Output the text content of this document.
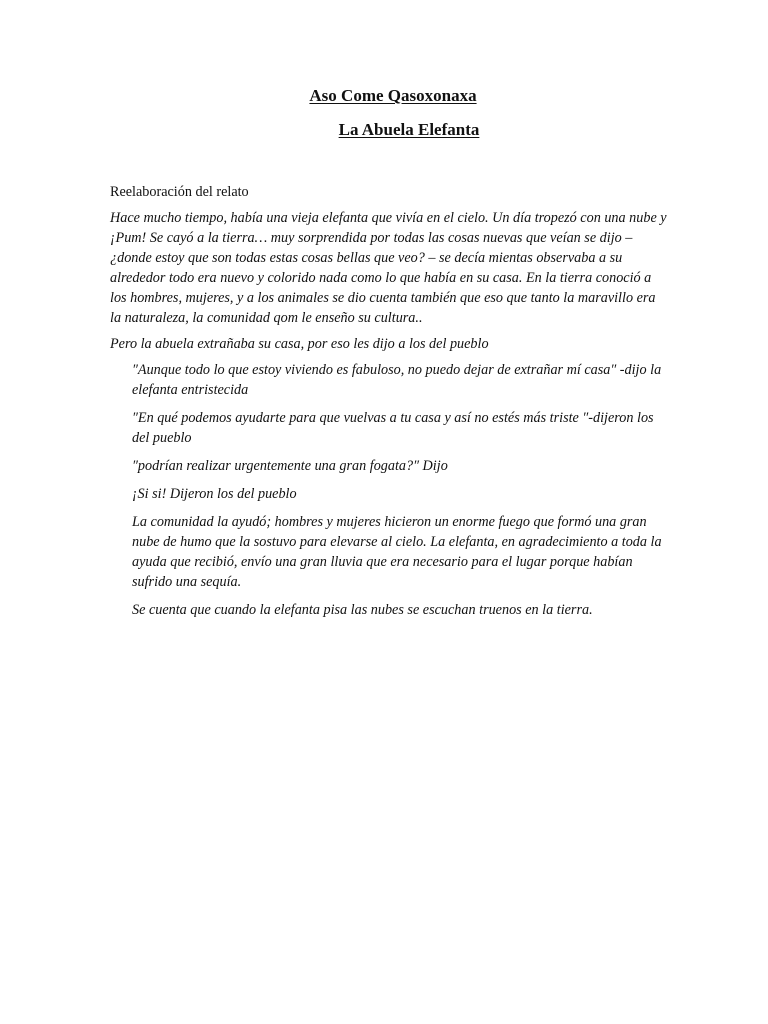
Aso Come Qasoxonaxa
La Abuela Elefanta

Reelaboración del relato

Hace mucho tiempo, había una vieja elefanta que vivía en el cielo. Un día tropezó con una nube y ¡Pum! Se cayó a la tierra… muy sorprendida por todas las cosas nuevas que veían se dijo –¿donde estoy que son todas estas cosas bellas que veo? – se decía mientas observaba a su alrededor todo era nuevo y colorido nada como lo que había en su casa. En la tierra conoció a los hombres, mujeres, y a los animales se dio cuenta también que eso que tanto la maravillo era la naturaleza, la comunidad qom le enseño su cultura..

Pero la abuela extrañaba su casa, por eso les dijo a los del pueblo

″Aunque todo lo que estoy viviendo es fabuloso, no puedo dejar de extrañar mí casa″ -dijo la elefanta entristecida

″En qué podemos ayudarte para que vuelvas a tu casa y así no estés más triste ″-dijeron los del pueblo

″podrían realizar urgentemente una gran fogata?″ Dijo

¡Si si! Dijeron los del pueblo

La comunidad la ayudó; hombres y mujeres hicieron un enorme fuego que formó una gran nube de humo que la sostuvo para elevarse al cielo. La elefanta, en agradecimiento a toda la ayuda que recibió, envío una gran lluvia que era necesario para el lugar porque habían sufrido una sequía.

Se cuenta que cuando la elefanta pisa las nubes se escuchan truenos en la tierra.
